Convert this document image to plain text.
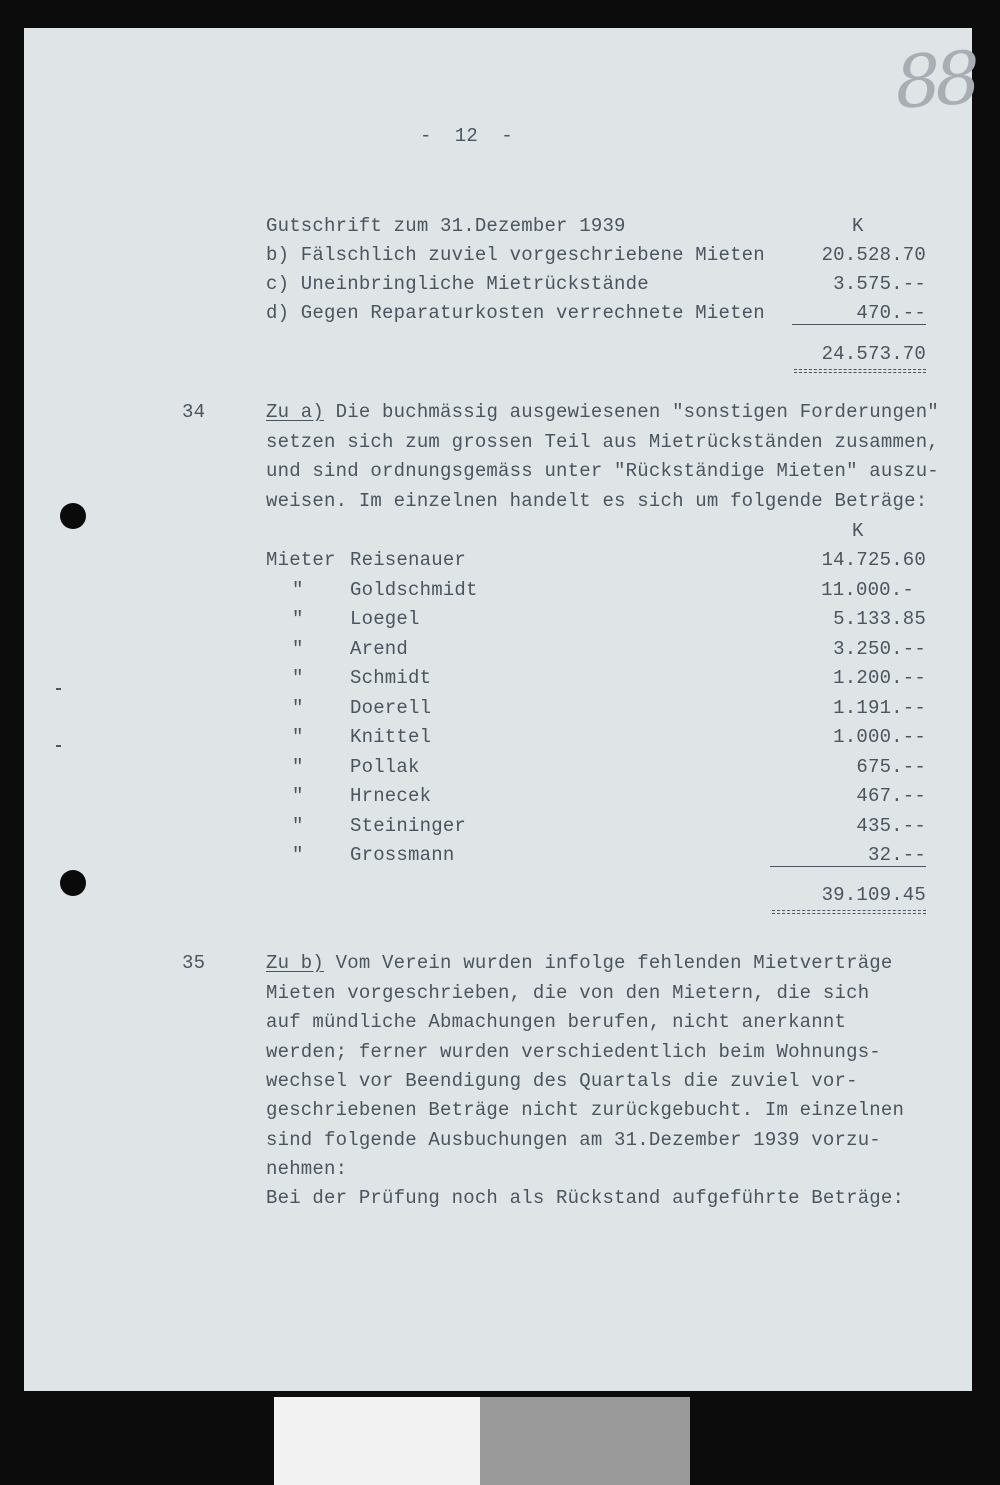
88
-  12  -
Gutschrift zum 31.Dezember 1939	K
b) Fälschlich zuviel vorgeschriebene Mieten	20.528.70
c) Uneinbringliche Mietrückstände	3.575.--
d) Gegen Reparaturkosten verrechnete Mieten	470.--
24.573.70
34	Zu a) Die buchmässig ausgewiesenen "sonstigen Forderungen"
setzen sich zum grossen Teil aus Mietrückständen zusammen,
und sind ordnungsgemäss unter "Rückständige Mieten" auszu-
weisen. Im einzelnen handelt es sich um folgende Beträge:
K
Mieter Reisenauer	14.725.60
" Goldschmidt	11.000.-
" Loegel	5.133.85
" Arend	3.250.--
" Schmidt	1.200.--
" Doerell	1.191.--
" Knittel	1.000.--
" Pollak	675.--
" Hrnecek	467.--
" Steininger	435.--
" Grossmann	32.--
39.109.45
35	Zu b) Vom Verein wurden infolge fehlenden Mietverträge
Mieten vorgeschrieben, die von den Mietern, die sich
auf mündliche Abmachungen berufen, nicht anerkannt
werden; ferner wurden verschiedentlich beim Wohnungs-
wechsel vor Beendigung des Quartals die zuviel vor-
geschriebenen Beträge nicht zurückgebucht. Im einzelnen
sind folgende Ausbuchungen am 31.Dezember 1939 vorzu-
nehmen:
Bei der Prüfung noch als Rückstand aufgeführte Beträge:
